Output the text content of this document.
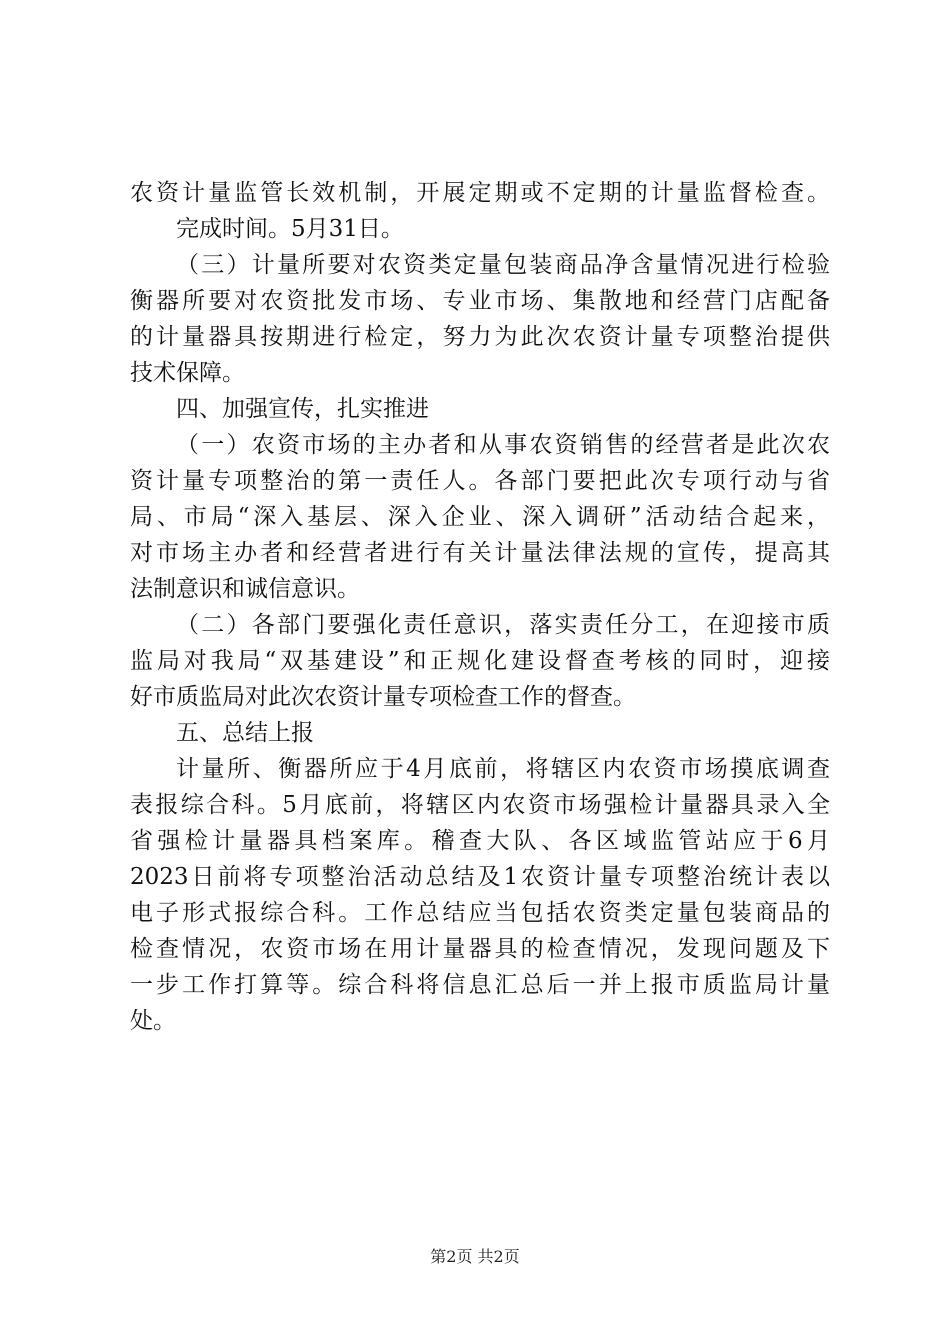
农资计量监管长效机制，开展定期或不定期的计量监督检查。
完成时间。5月31日。
（三）计量所要对农资类定量包装商品净含量情况进行检验
衡器所要对农资批发市场、专业市场、集散地和经营门店配备
的计量器具按期进行检定，努力为此次农资计量专项整治提供
技术保障。
四、加强宣传，扎实推进
（一）农资市场的主办者和从事农资销售的经营者是此次农
资计量专项整治的第一责任人。各部门要把此次专项行动与省
局、市局“深入基层、深入企业、深入调研”活动结合起来，
对市场主办者和经营者进行有关计量法律法规的宣传，提高其
法制意识和诚信意识。
（二）各部门要强化责任意识，落实责任分工，在迎接市质
监局对我局“双基建设”和正规化建设督查考核的同时，迎接
好市质监局对此次农资计量专项检查工作的督查。
五、总结上报
计量所、衡器所应于4月底前，将辖区内农资市场摸底调查
表报综合科。5月底前，将辖区内农资市场强检计量器具录入全
省强检计量器具档案库。稽查大队、各区域监管站应于6月
2023日前将专项整治活动总结及1农资计量专项整治统计表以
电子形式报综合科。工作总结应当包括农资类定量包装商品的
检查情况，农资市场在用计量器具的检查情况，发现问题及下
一步工作打算等。综合科将信息汇总后一并上报市质监局计量
处。
第2页 共2页
